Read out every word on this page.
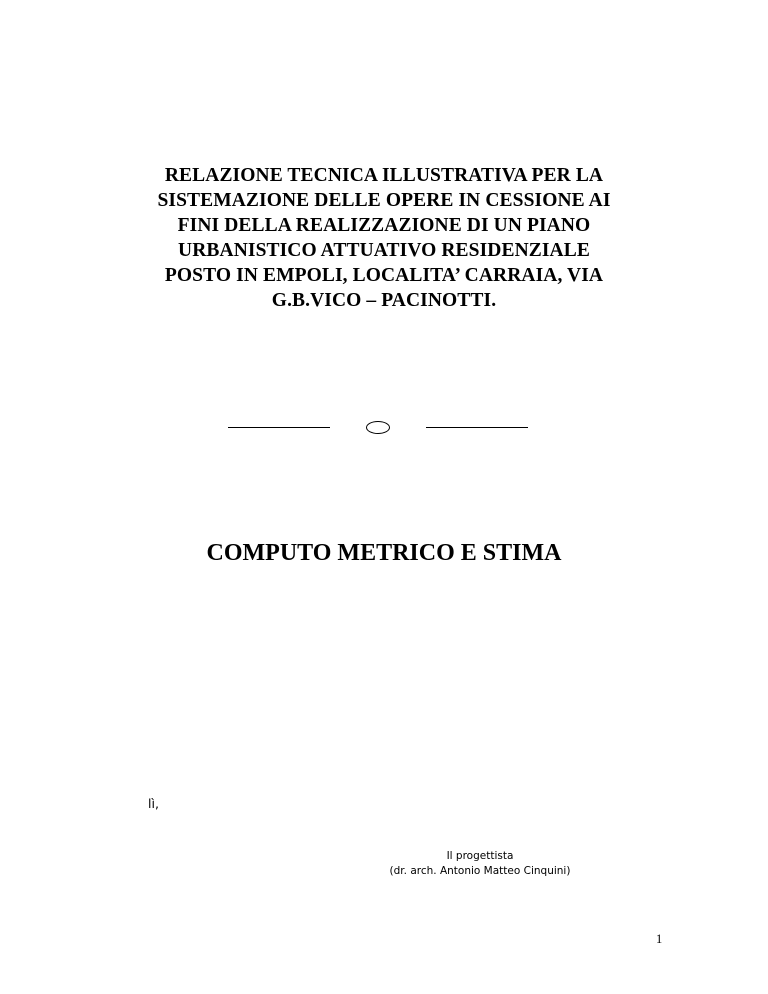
RELAZIONE TECNICA ILLUSTRATIVA PER LA
SISTEMAZIONE DELLE OPERE IN CESSIONE AI
FINI DELLA REALIZZAZIONE DI UN PIANO
URBANISTICO ATTUATIVO RESIDENZIALE
POSTO IN EMPOLI, LOCALITA’ CARRAIA, VIA
G.B.VICO – PACINOTTI.
COMPUTO METRICO E STIMA
lì,
Il progettista
(dr. arch. Antonio Matteo Cinquini)
1
